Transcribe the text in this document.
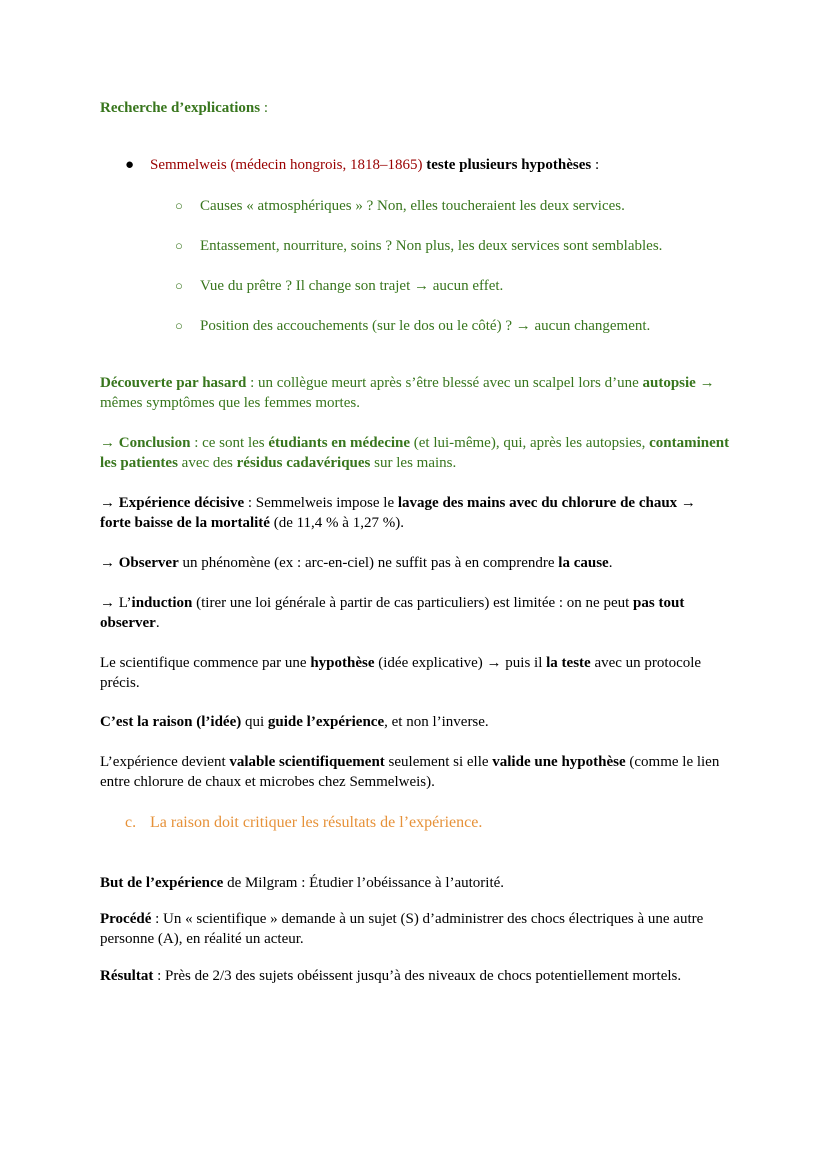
Recherche d’explications :

● Semmelweis (médecin hongrois, 1818–1865) teste plusieurs hypothèses :
○ Causes « atmosphériques » ? Non, elles toucheraient les deux services.
○ Entassement, nourriture, soins ? Non plus, les deux services sont semblables.
○ Vue du prêtre ? Il change son trajet → aucun effet.
○ Position des accouchements (sur le dos ou le côté) ? → aucun changement.

Découverte par hasard : un collègue meurt après s’être blessé avec un scalpel lors d’une autopsie → mêmes symptômes que les femmes mortes.

→ Conclusion : ce sont les étudiants en médecine (et lui-même), qui, après les autopsies, contaminent les patientes avec des résidus cadavériques sur les mains.

→ Expérience décisive : Semmelweis impose le lavage des mains avec du chlorure de chaux → forte baisse de la mortalité (de 11,4 % à 1,27 %).

→ Observer un phénomène (ex : arc-en-ciel) ne suffit pas à en comprendre la cause.

→ L’induction (tirer une loi générale à partir de cas particuliers) est limitée : on ne peut pas tout observer.

Le scientifique commence par une hypothèse (idée explicative) → puis il la teste avec un protocole précis.

C’est la raison (l’idée) qui guide l’expérience, et non l’inverse.

L’expérience devient valable scientifiquement seulement si elle valide une hypothèse (comme le lien entre chlorure de chaux et microbes chez Semmelweis).

c. La raison doit critiquer les résultats de l’expérience.

But de l’expérience de Milgram : Étudier l’obéissance à l’autorité.

Procédé : Un « scientifique » demande à un sujet (S) d’administrer des chocs électriques à une autre personne (A), en réalité un acteur.

Résultat : Près de 2/3 des sujets obéissent jusqu’à des niveaux de chocs potentiellement mortels.
